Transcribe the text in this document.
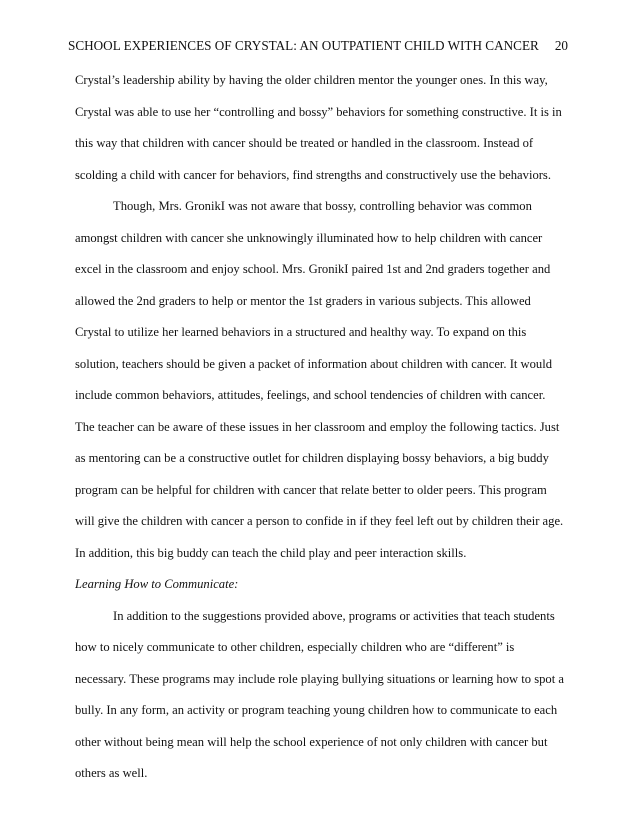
SCHOOL EXPERIENCES OF CRYSTAL: AN OUTPATIENT CHILD WITH CANCER 20
Crystal’s leadership ability by having the older children mentor the younger ones. In this way,
Crystal was able to use her “controlling and bossy” behaviors for something constructive. It is in
this way that children with cancer should be treated or handled in the classroom. Instead of
scolding a child with cancer for behaviors, find strengths and constructively use the behaviors.
Though, Mrs. GronikI was not aware that bossy, controlling behavior was common
amongst children with cancer she unknowingly illuminated how to help children with cancer
excel in the classroom and enjoy school. Mrs. GronikI paired 1st and 2nd graders together and
allowed the 2nd graders to help or mentor the 1st graders in various subjects. This allowed
Crystal to utilize her learned behaviors in a structured and healthy way. To expand on this
solution, teachers should be given a packet of information about children with cancer. It would
include common behaviors, attitudes, feelings, and school tendencies of children with cancer.
The teacher can be aware of these issues in her classroom and employ the following tactics. Just
as mentoring can be a constructive outlet for children displaying bossy behaviors, a big buddy
program can be helpful for children with cancer that relate better to older peers. This program
will give the children with cancer a person to confide in if they feel left out by children their age.
In addition, this big buddy can teach the child play and peer interaction skills.
Learning How to Communicate:
In addition to the suggestions provided above, programs or activities that teach students
how to nicely communicate to other children, especially children who are “different” is
necessary. These programs may include role playing bullying situations or learning how to spot a
bully. In any form, an activity or program teaching young children how to communicate to each
other without being mean will help the school experience of not only children with cancer but
others as well.
